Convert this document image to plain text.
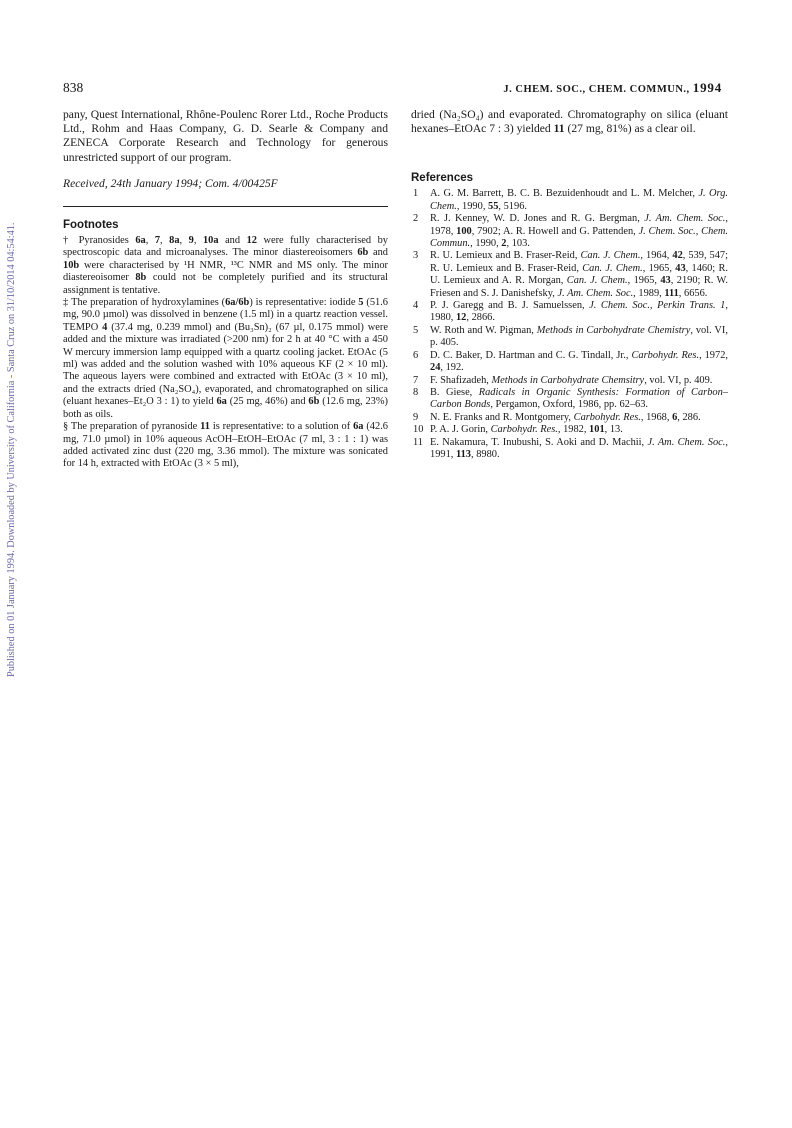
Published on 01 January 1994. Downloaded by University of California - Santa Cruz on 31/10/2014 04:54:41.
838	J. CHEM. SOC., CHEM. COMMUN., 1994

pany, Quest International, Rhône-Poulenc Rorer Ltd., Roche Products Ltd., Rohm and Haas Company, G. D. Searle & Company and ZENECA Corporate Research and Technology for generous unrestricted support of our program.

Received, 24th January 1994; Com. 4/00425F

Footnotes

† Pyranosides 6a, 7, 8a, 9, 10a and 12 were fully characterised by spectroscopic data and microanalyses. The minor diastereoisomers 6b and 10b were characterised by ¹H NMR, ¹³C NMR and MS only. The minor diastereoisomer 8b could not be completely purified and its structural assignment is tentative.

‡ The preparation of hydroxylamines (6a/6b) is representative: iodide 5 (51.6 mg, 90.0 µmol) was dissolved in benzene (1.5 ml) in a quartz reaction vessel. TEMPO 4 (37.4 mg, 0.239 mmol) and (Bu₃Sn)₂ (67 µl, 0.175 mmol) were added and the mixture was irradiated (>200 nm) for 2 h at 40 °C with a 450 W mercury immersion lamp equipped with a quartz cooling jacket. EtOAc (5 ml) was added and the solution washed with 10% aqueous KF (2 × 10 ml). The aqueous layers were combined and extracted with EtOAc (3 × 10 ml), and the extracts dried (Na₂SO₄), evaporated, and chromatographed on silica (eluant hexanes–Et₂O 3 : 1) to yield 6a (25 mg, 46%) and 6b (12.6 mg, 23%) both as oils.

§ The preparation of pyranoside 11 is representative: to a solution of 6a (42.6 mg, 71.0 µmol) in 10% aqueous AcOH–EtOH–EtOAc (7 ml, 3 : 1 : 1) was added activated zinc dust (220 mg, 3.36 mmol). The mixture was sonicated for 14 h, extracted with EtOAc (3 × 5 ml),

dried (Na₂SO₄) and evaporated. Chromatography on silica (eluant hexanes–EtOAc 7 : 3) yielded 11 (27 mg, 81%) as a clear oil.

References
1 A. G. M. Barrett, B. C. B. Bezuidenhoudt and L. M. Melcher, J. Org. Chem., 1990, 55, 5196.
2 R. J. Kenney, W. D. Jones and R. G. Bergman, J. Am. Chem. Soc., 1978, 100, 7902; A. R. Howell and G. Pattenden, J. Chem. Soc., Chem. Commun., 1990, 2, 103.
3 R. U. Lemieux and B. Fraser-Reid, Can. J. Chem., 1964, 42, 539, 547; R. U. Lemieux and B. Fraser-Reid, Can. J. Chem., 1965, 43, 1460; R. U. Lemieux and A. R. Morgan, Can. J. Chem., 1965, 43, 2190; R. W. Friesen and S. J. Danishefsky, J. Am. Chem. Soc., 1989, 111, 6656.
4 P. J. Garegg and B. J. Samuelssen, J. Chem. Soc., Perkin Trans. 1, 1980, 12, 2866.
5 W. Roth and W. Pigman, Methods in Carbohydrate Chemistry, vol. VI, p. 405.
6 D. C. Baker, D. Hartman and C. G. Tindall, Jr., Carbohydr. Res., 1972, 24, 192.
7 F. Shafizadeh, Methods in Carbohydrate Chemsitry, vol. VI, p. 409.
8 B. Giese, Radicals in Organic Synthesis: Formation of Carbon–Carbon Bonds, Pergamon, Oxford, 1986, pp. 62–63.
9 N. E. Franks and R. Montgomery, Carbohydr. Res., 1968, 6, 286.
10 P. A. J. Gorin, Carbohydr. Res., 1982, 101, 13.
11 E. Nakamura, T. Inubushi, S. Aoki and D. Machii, J. Am. Chem. Soc., 1991, 113, 8980.
